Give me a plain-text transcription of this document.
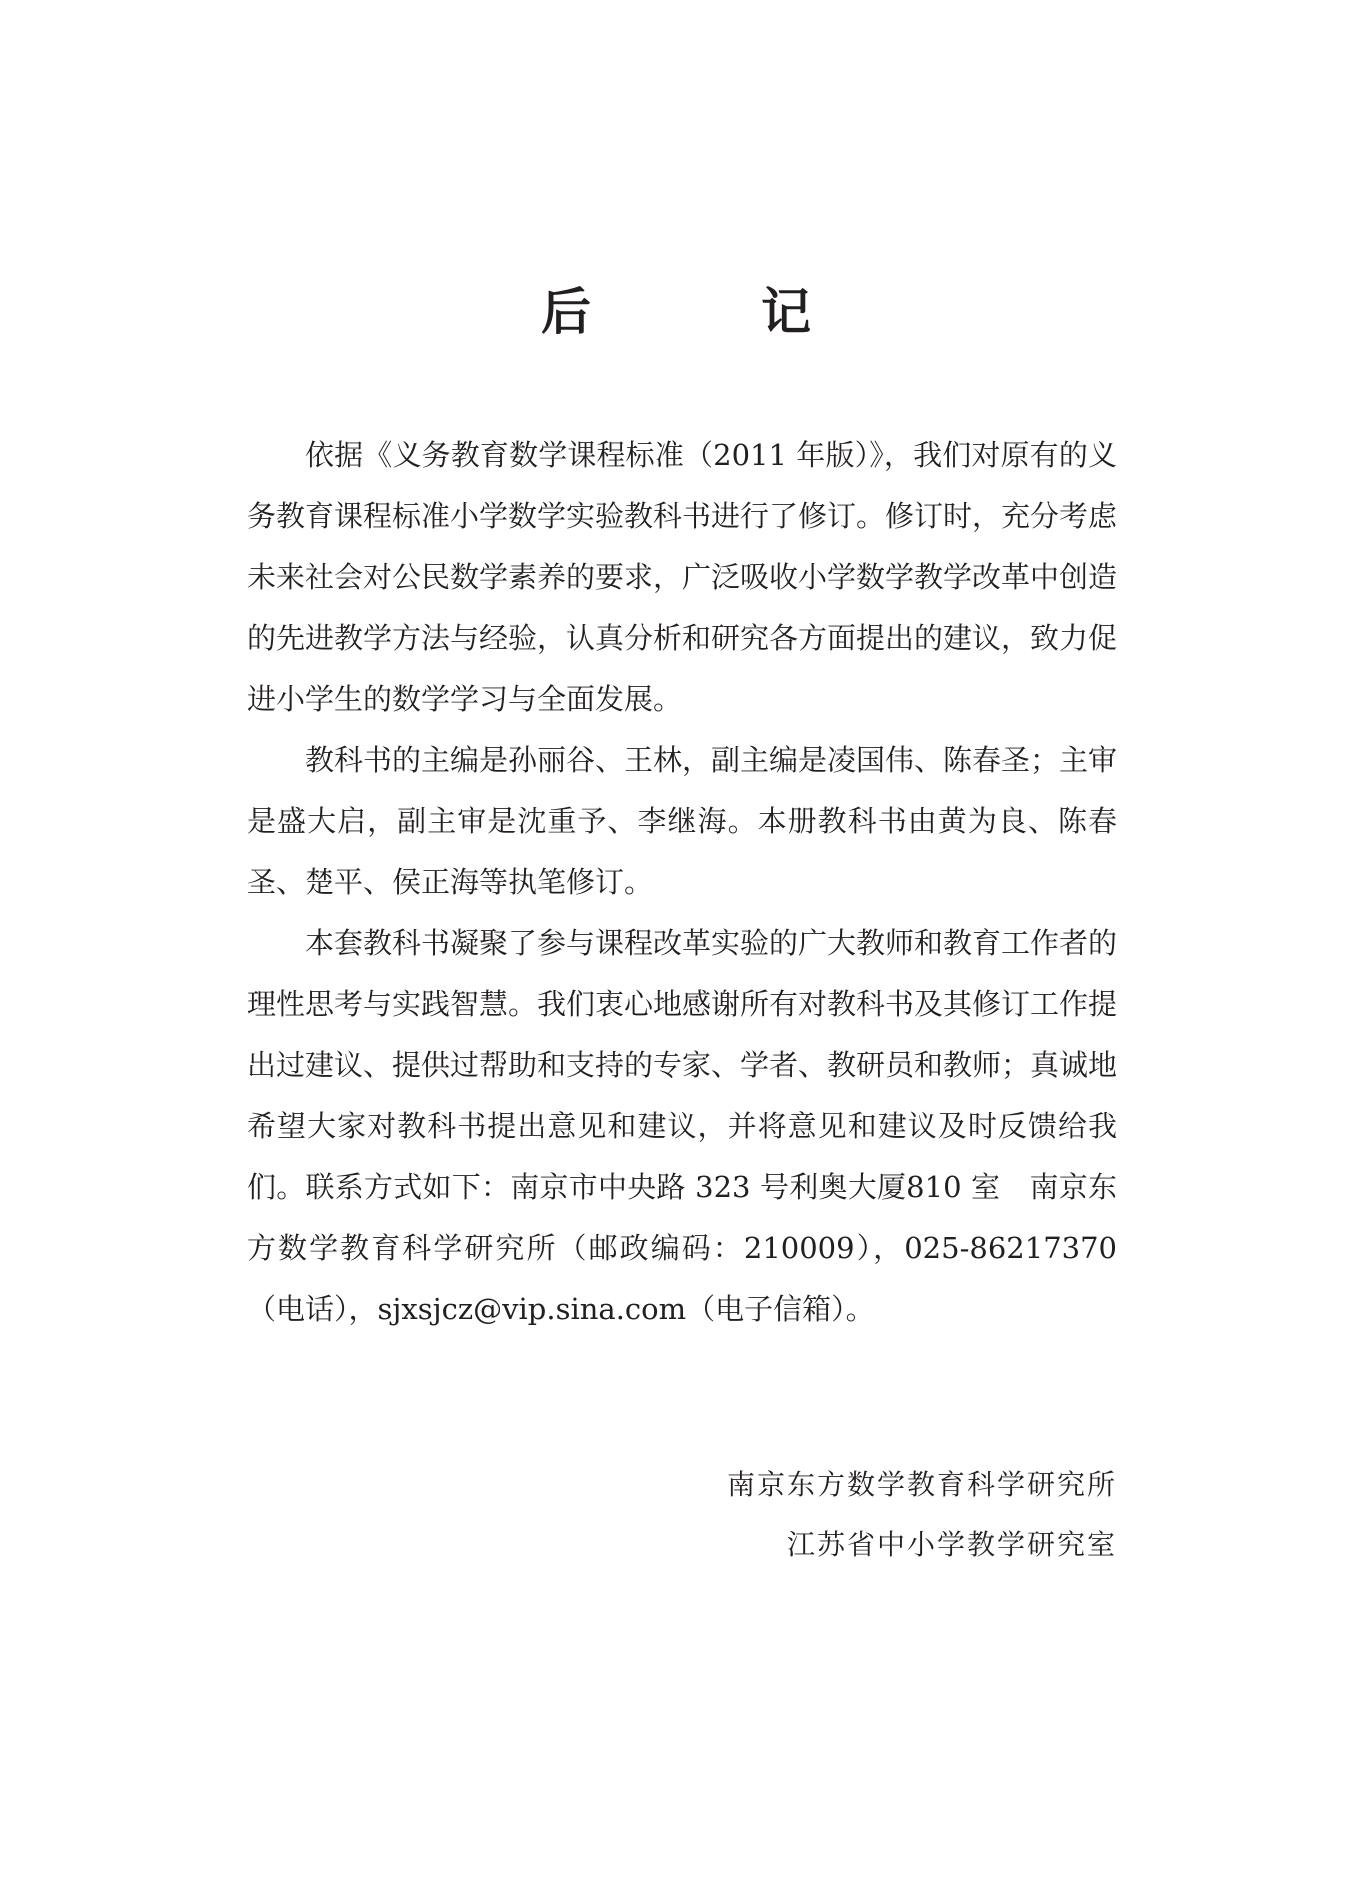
后　记

依据《义务教育数学课程标准（2011 年版）》，我们对原有的义务教育课程标准小学数学实验教科书进行了修订。修订时，充分考虑未来社会对公民数学素养的要求，广泛吸收小学数学教学改革中创造的先进教学方法与经验，认真分析和研究各方面提出的建议，致力促进小学生的数学学习与全面发展。

教科书的主编是孙丽谷、王林，副主编是凌国伟、陈春圣；主审是盛大启，副主审是沈重予、李继海。本册教科书由黄为良、陈春圣、楚平、侯正海等执笔修订。

本套教科书凝聚了参与课程改革实验的广大教师和教育工作者的理性思考与实践智慧。我们衷心地感谢所有对教科书及其修订工作提出过建议、提供过帮助和支持的专家、学者、教研员和教师；真诚地希望大家对教科书提出意见和建议，并将意见和建议及时反馈给我们。联系方式如下：南京市中央路 323 号利奥大厦810 室　南京东方数学教育科学研究所（邮政编码：210009），025-86217370（电话），sjxsjcz@vip.sina.com（电子信箱）。

南京东方数学教育科学研究所
江苏省中小学教学研究室
